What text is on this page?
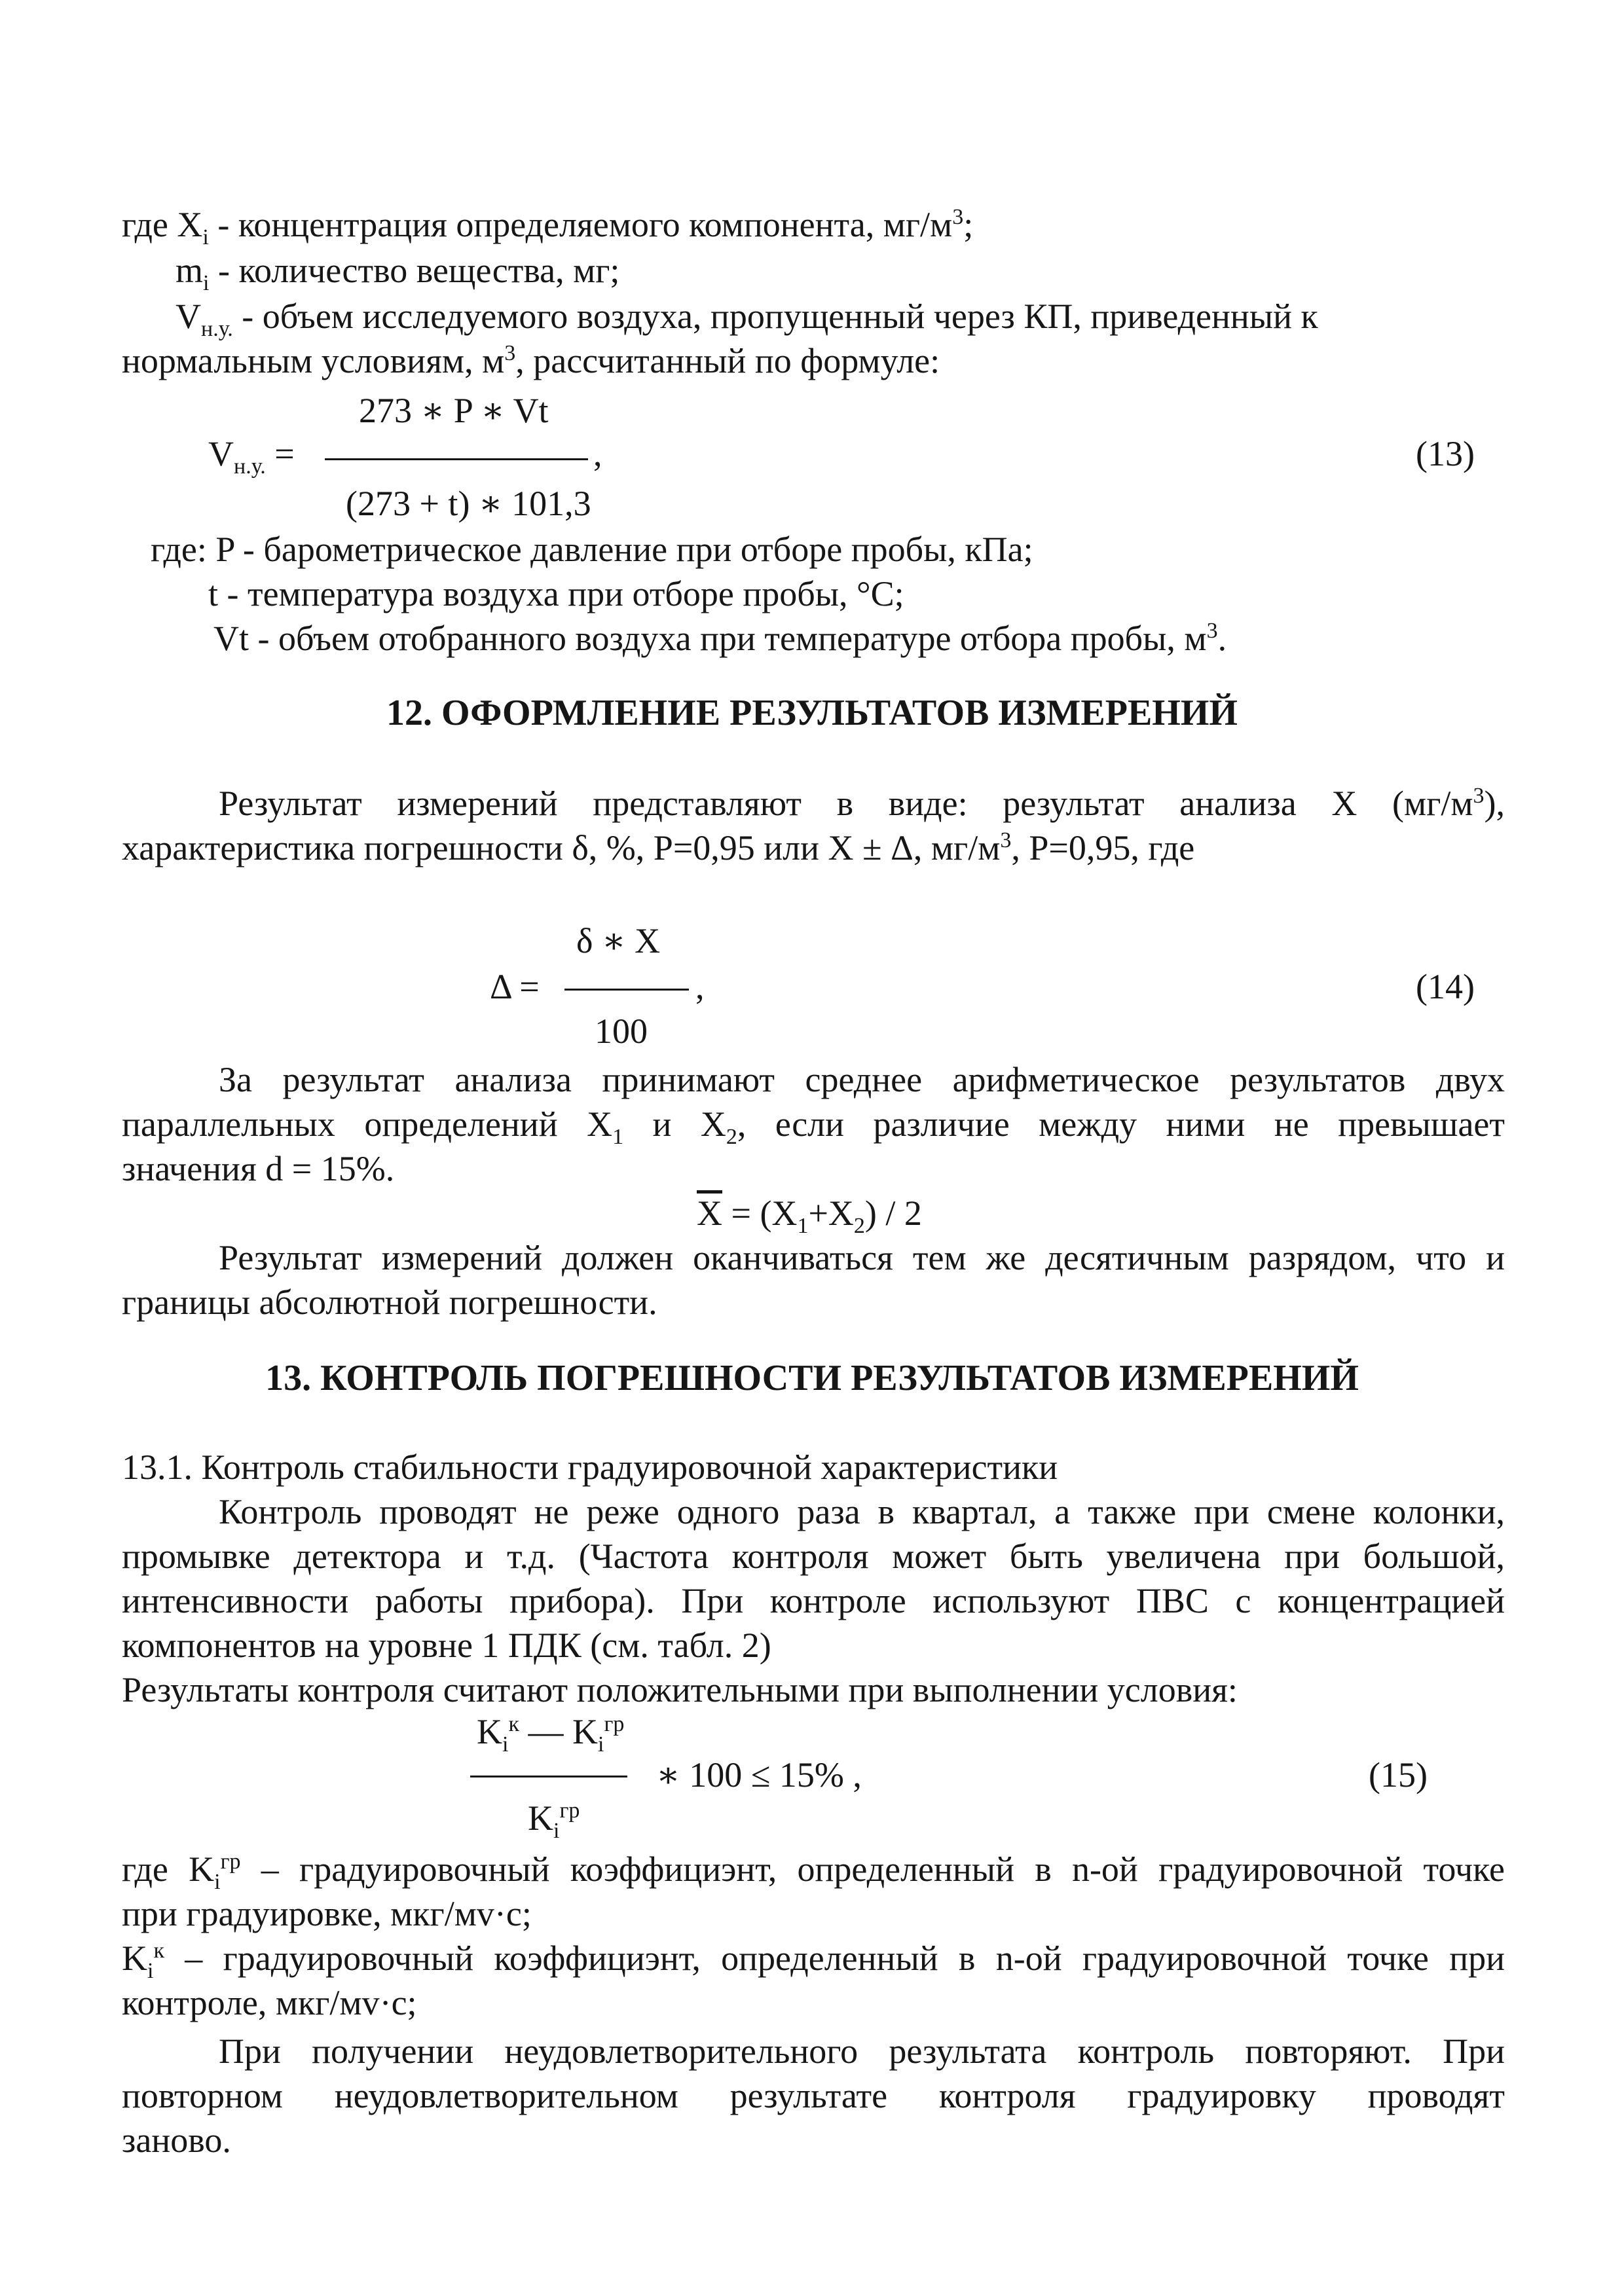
где $X_i$ - концентрация определяемого компонента, $мг/м^3$;
$m_i$ - количество вещества, мг;
$V_{н.у.}$ - объем исследуемого воздуха, пропущенный через КП, приведенный к
нормальным условиям, $м^3$, рассчитанный по формуле:
273 ∗ P ∗ Vt
$V_{н.у.}$ =	,	(13)
(273 + t) ∗ 101,3
где: P - барометрическое давление при отборе пробы, кПа;
t - температура воздуха при отборе пробы, °C;
Vt - объем отобранного воздуха при температуре отбора пробы, $м^3$.
12. ОФОРМЛЕНИЕ РЕЗУЛЬТАТОВ ИЗМЕРЕНИЙ
Результат измерений представляют в виде: результат анализа X $(мг/м^3)$,
характеристика погрешности δ, %, P=0,95 или X ± Δ, $мг/м^3$, P=0,95, где
δ ∗ X
Δ =	,	(14)
100
За результат анализа принимают среднее арифметическое результатов двух
параллельных определений $X_1$ и $X_2$, если различие между ними не превышает
значения d = 15%.
$\overline{X} = (X_1+X_2) / 2$
Результат измерений должен оканчиваться тем же десятичным разрядом, что и
границы абсолютной погрешности.
13. КОНТРОЛЬ ПОГРЕШНОСТИ РЕЗУЛЬТАТОВ ИЗМЕРЕНИЙ
13.1. Контроль стабильности градуировочной характеристики
Контроль проводят не реже одного раза в квартал, а также при смене колонки,
промывке детектора и т.д. (Частота контроля может быть увеличена при большой,
интенсивности работы прибора). При контроле используют ПВС с концентрацией
компонентов на уровне 1 ПДК (см. табл. 2)
Результаты контроля считают положительными при выполнении условия:
$K_i^к$ — $K_i^{гр}$
∗ 100 ≤ 15% ,	(15)
$K_i^{гр}$
где $K_i^{гр}$ – градуировочный коэффициэнт, определенный в n-ой градуировочной точке
при градуировке, мкг/мv·с;
$K_i^к$ – градуировочный коэффициэнт, определенный в n-ой градуировочной точке при
контроле, мкг/мv·с;
При получении неудовлетворительного результата контроль повторяют. При
повторном неудовлетворительном результате контроля градуировку проводят
заново.
